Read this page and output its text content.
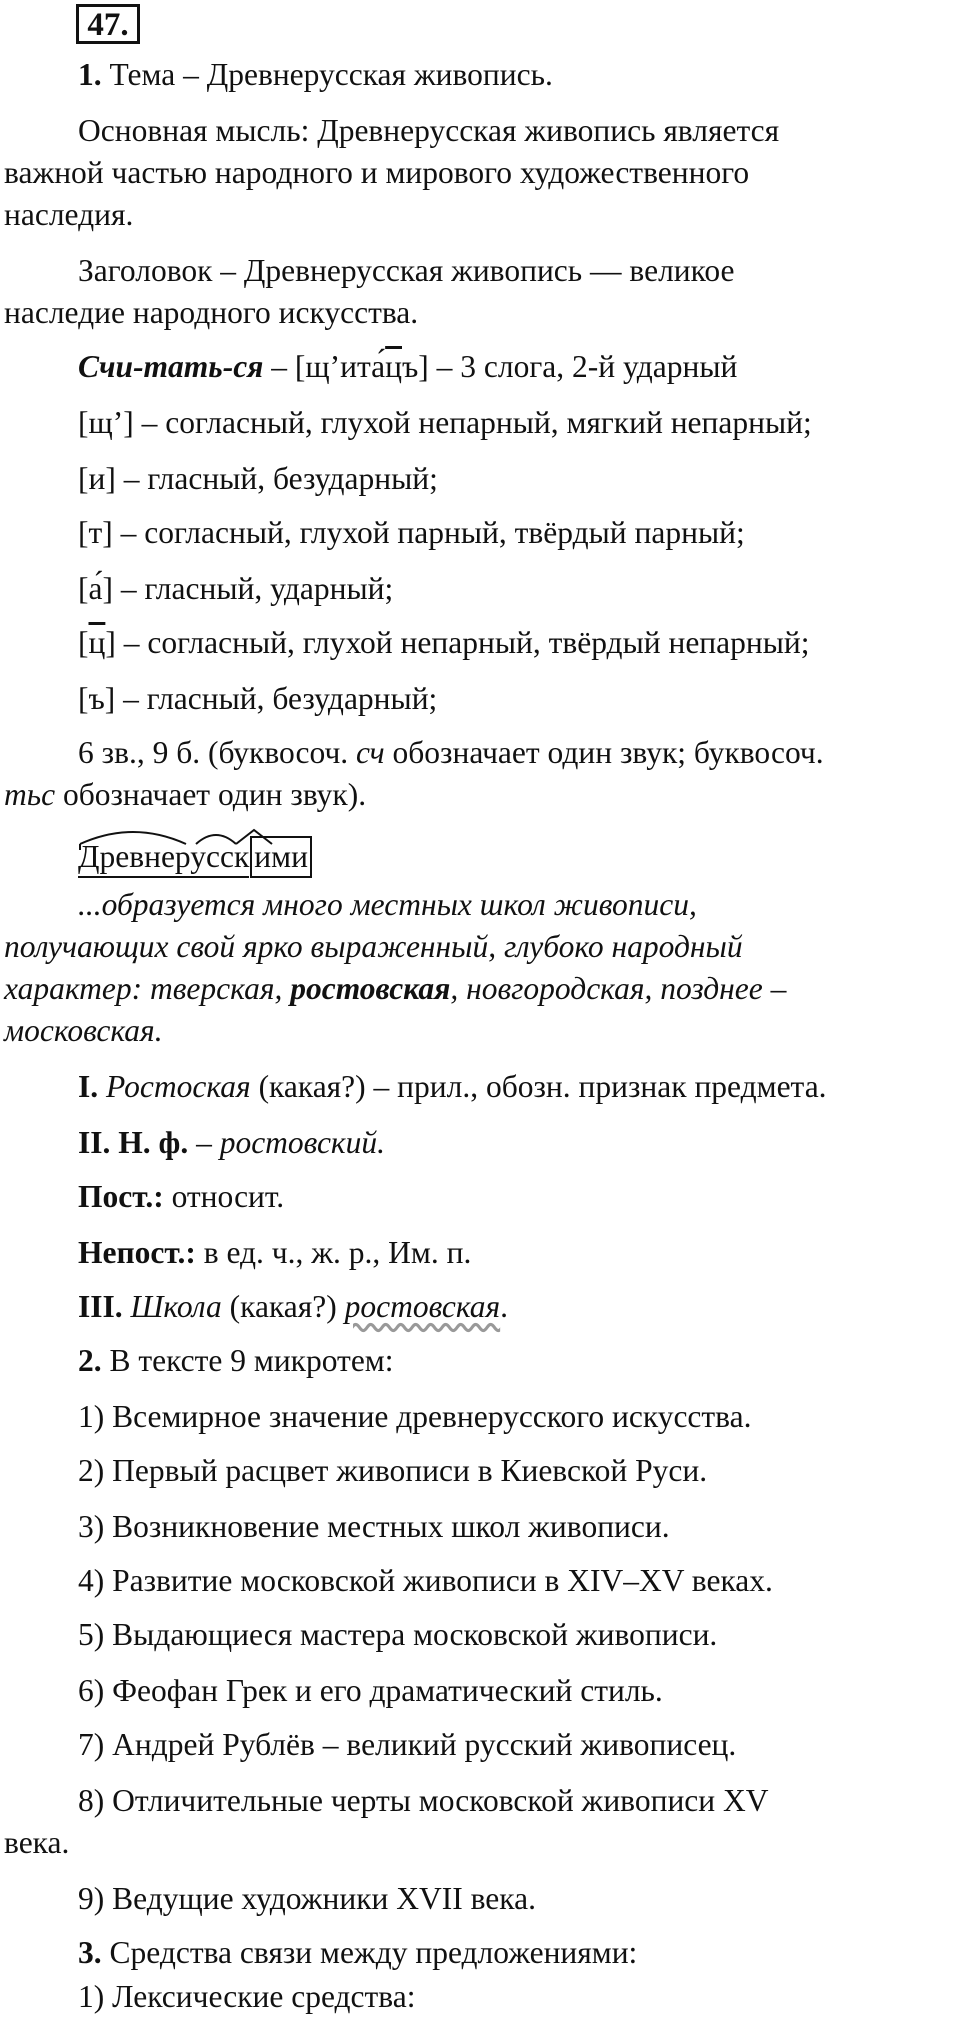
47.
1. Тема – Древнерусская живопись.
Основная мысль: Древнерусская живопись является
важной частью народного и мирового художественного
наследия.
Заголовок – Древнерусская живопись — великое
наследие народного искусства.
Счи-тать-ся – [щ’ита́цъ] – 3 слога, 2-й ударный
[щ’] – согласный, глухой непарный, мягкий непарный;
[и] – гласный, безударный;
[т] – согласный, глухой парный, твёрдый парный;
[а́] – гласный, ударный;
[ц] – согласный, глухой непарный, твёрдый непарный;
[ъ] – гласный, безударный;
6 зв., 9 б. (буквосоч. сч обозначает один звук; буквосоч.
тьс обозначает один звук).
Древнерусск ими
...образуется много местных школ живописи,
получающих свой ярко выраженный, глубоко народный
характер: тверская, ростовская, новгородская, позднее –
московская.
I. Ростоская (какая?) – прил., обозн. признак предмета.
II. Н. ф. – ростовский.
Пост.: относит.
Непост.: в ед. ч., ж. р., Им. п.
III. Школа (какая?) ростовская.
2. В тексте 9 микротем:
1) Всемирное значение древнерусского искусства.
2) Первый расцвет живописи в Киевской Руси.
3) Возникновение местных школ живописи.
4) Развитие московской живописи в XIV–XV веках.
5) Выдающиеся мастера московской живописи.
6) Феофан Грек и его драматический стиль.
7) Андрей Рублёв – великий русский живописец.
8) Отличительные черты московской живописи XV
века.
9) Ведущие художники XVII века.
3. Средства связи между предложениями:
1) Лексические средства:
